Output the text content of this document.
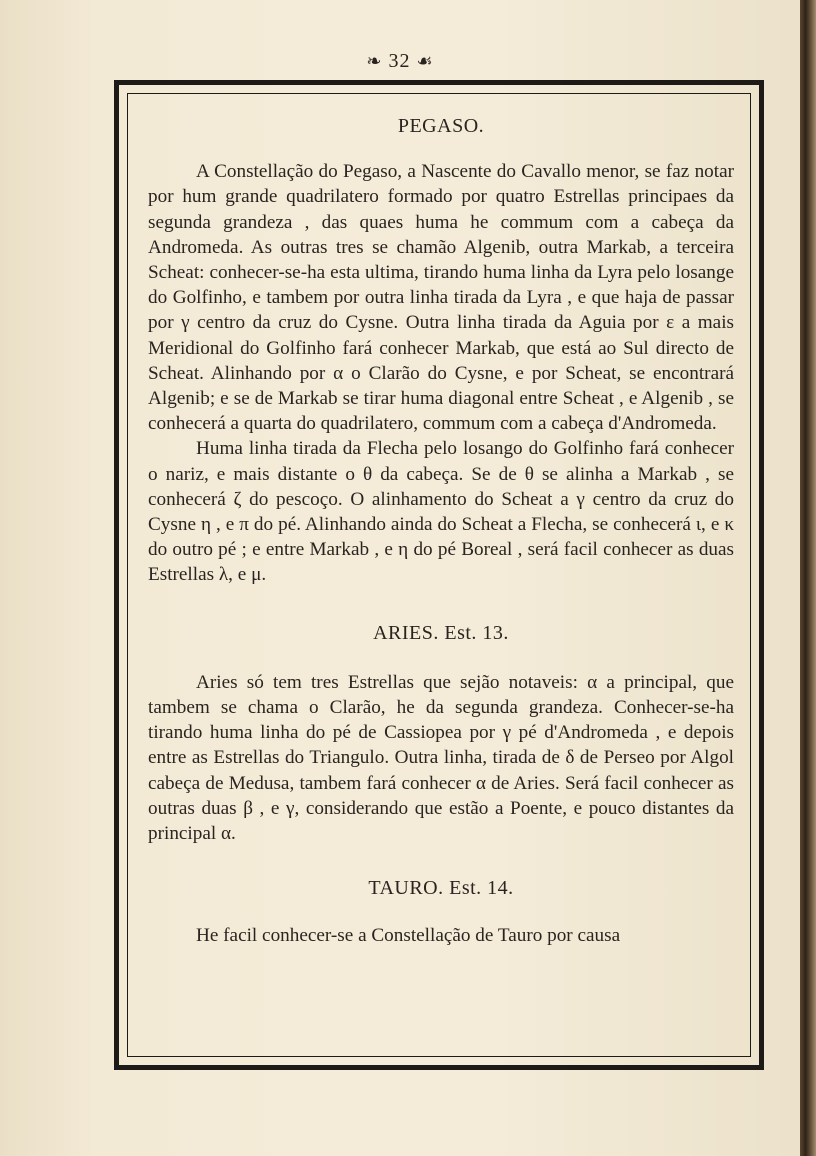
❧ 32 ☙
PEGASO.

A Constellação do Pegaso, a Nascente do Cavallo menor, se faz notar por hum grande quadrilatero formado por quatro Estrellas principaes da segunda grandeza , das quaes huma he commum com a cabeça da Andromeda. As outras tres se chamão Algenib, outra Markab, a terceira Scheat: conhecer-se-ha esta ultima, tirando huma linha da Lyra pelo losange do Golfinho, e tambem por outra linha tirada da Lyra , e que haja de passar por γ centro da cruz do Cysne. Outra linha tirada da Aguia por ε a mais Meridional do Golfinho fará conhecer Markab, que está ao Sul directo de Scheat. Alinhando por α o Clarão do Cysne, e por Scheat, se encontrará Algenib; e se de Markab se tirar huma diagonal entre Scheat , e Algenib , se conhecerá a quarta do quadrilatero, commum com a cabeça d'Andromeda.

Huma linha tirada da Flecha pelo losango do Golfinho fará conhecer o nariz, e mais distante o θ da cabeça. Se de θ se alinha a Markab , se conhecerá ζ do pescoço. O alinhamento do Scheat a γ centro da cruz do Cysne η , e π do pé. Alinhando ainda do Scheat a Flecha, se conhecerá ι, e κ do outro pé ; e entre Markab , e η do pé Boreal , será facil conhecer as duas Estrellas λ, e μ.

ARIES. Est. 13.

Aries só tem tres Estrellas que sejão notaveis: α a principal, que tambem se chama o Clarão, he da segunda grandeza. Conhecer-se-ha tirando huma linha do pé de Cassiopea por γ pé d'Andromeda , e depois entre as Estrellas do Triangulo. Outra linha, tirada de δ de Perseo por Algol cabeça de Medusa, tambem fará conhecer α de Aries. Será facil conhecer as outras duas β , e γ, considerando que estão a Poente, e pouco distantes da principal α.

TAURO. Est. 14.

He facil conhecer-se a Constellação de Tauro por causa
